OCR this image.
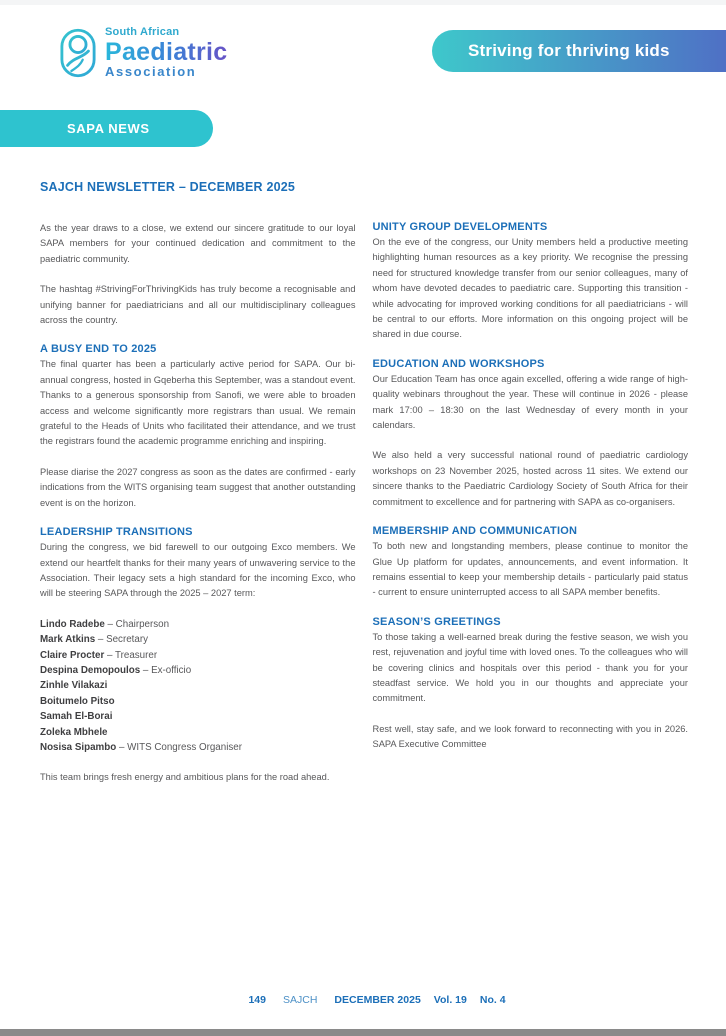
South African
Paediatric
Association
Striving for thriving kids
SAPA NEWS
SAJCH NEWSLETTER – DECEMBER 2025

As the year draws to a close, we extend our sincere gratitude to our loyal SAPA members for your continued dedication and commitment to the paediatric community.

The hashtag #StrivingForThrivingKids has truly become a recognisable and unifying banner for paediatricians and all our multidisciplinary colleagues across the country.

A BUSY END TO 2025

The final quarter has been a particularly active period for SAPA. Our bi-annual congress, hosted in Gqeberha this September, was a standout event. Thanks to a generous sponsorship from Sanofi, we were able to broaden access and welcome significantly more registrars than usual. We remain grateful to the Heads of Units who facilitated their attendance, and we trust the registrars found the academic programme enriching and inspiring.

Please diarise the 2027 congress as soon as the dates are confirmed - early indications from the WITS organising team suggest that another outstanding event is on the horizon.

LEADERSHIP TRANSITIONS

During the congress, we bid farewell to our outgoing Exco members. We extend our heartfelt thanks for their many years of unwavering service to the Association. Their legacy sets a high standard for the incoming Exco, who will be steering SAPA through the 2025 – 2027 term:

Lindo Radebe – Chairperson
Mark Atkins – Secretary
Claire Procter – Treasurer
Despina Demopoulos – Ex-officio
Zinhle Vilakazi
Boitumelo Pitso
Samah El-Borai
Zoleka Mbhele
Nosisa Sipambo – WITS Congress Organiser

This team brings fresh energy and ambitious plans for the road ahead.

UNITY GROUP DEVELOPMENTS

On the eve of the congress, our Unity members held a productive meeting highlighting human resources as a key priority. We recognise the pressing need for structured knowledge transfer from our senior colleagues, many of whom have devoted decades to paediatric care. Supporting this transition - while advocating for improved working conditions for all paediatricians - will be central to our efforts. More information on this ongoing project will be shared in due course.

EDUCATION AND WORKSHOPS

Our Education Team has once again excelled, offering a wide range of high-quality webinars throughout the year. These will continue in 2026 - please mark 17:00 – 18:30 on the last Wednesday of every month in your calendars.

We also held a very successful national round of paediatric cardiology workshops on 23 November 2025, hosted across 11 sites. We extend our sincere thanks to the Paediatric Cardiology Society of South Africa for their commitment to excellence and for partnering with SAPA as co-organisers.

MEMBERSHIP AND COMMUNICATION

To both new and longstanding members, please continue to monitor the Glue Up platform for updates, announcements, and event information. It remains essential to keep your membership details - particularly paid status - current to ensure uninterrupted access to all SAPA member benefits.

SEASON’S GREETINGS

To those taking a well-earned break during the festive season, we wish you rest, rejuvenation and joyful time with loved ones. To the colleagues who will be covering clinics and hospitals over this period - thank you for your steadfast service. We hold you in our thoughts and appreciate your commitment.

Rest well, stay safe, and we look forward to reconnecting with you in 2026. SAPA Executive Committee

149 SAJCH DECEMBER 2025 Vol. 19 No. 4
